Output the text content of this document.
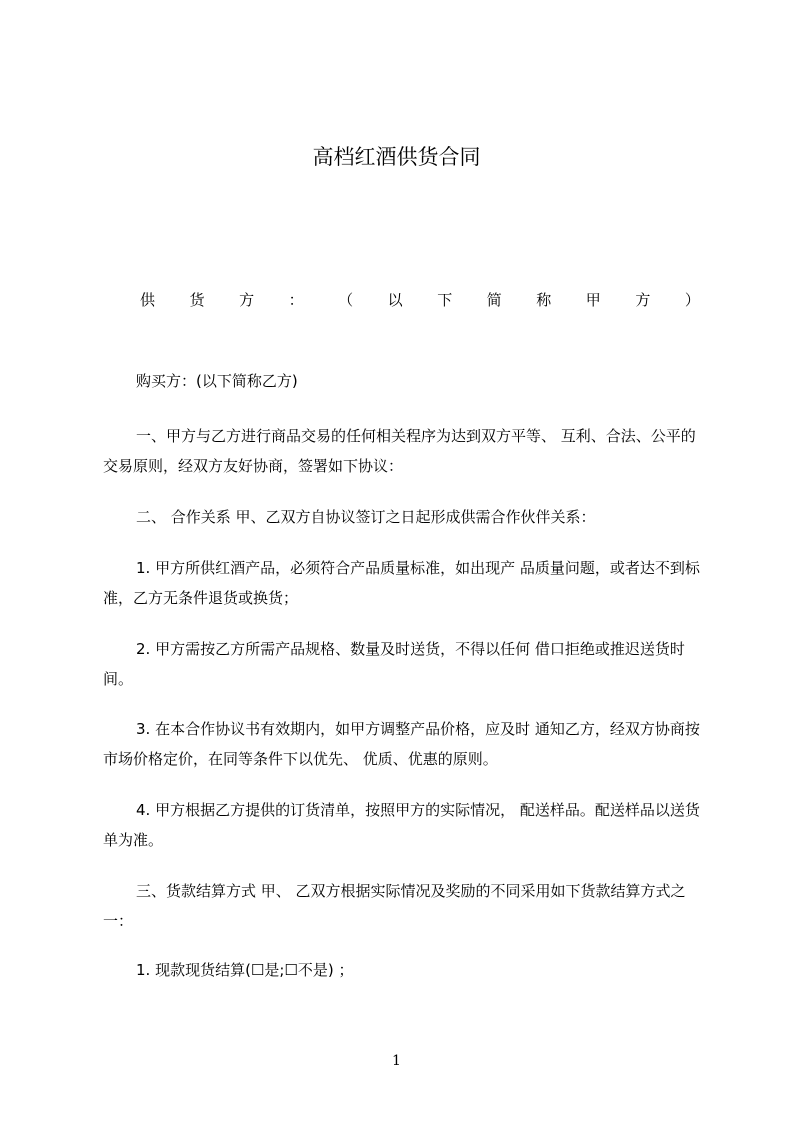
高档红酒供货合同
供 货 方 ： （ 以 下 简 称 甲 方 ）

购买方：(以下简称乙方)

一、甲方与乙方进行商品交易的任何相关程序为达到双方平等、 互利、合法、公平的交易原则，经双方友好协商，签署如下协议：

二、 合作关系 甲、乙双方自协议签订之日起形成供需合作伙伴关系：

1. 甲方所供红酒产品，必须符合产品质量标准，如出现产 品质量问题，或者达不到标准，乙方无条件退货或换货；

2. 甲方需按乙方所需产品规格、数量及时送货，不得以任何 借口拒绝或推迟送货时间。

3. 在本合作协议书有效期内，如甲方调整产品价格，应及时 通知乙方，经双方协商按市场价格定价，在同等条件下以优先、 优质、优惠的原则。

4. 甲方根据乙方提供的订货清单，按照甲方的实际情况， 配送样品。配送样品以送货单为准。

三、货款结算方式 甲、 乙双方根据实际情况及奖励的不同采用如下货款结算方式之一：

1. 现款现货结算(☐是;☐不是) ；

1
